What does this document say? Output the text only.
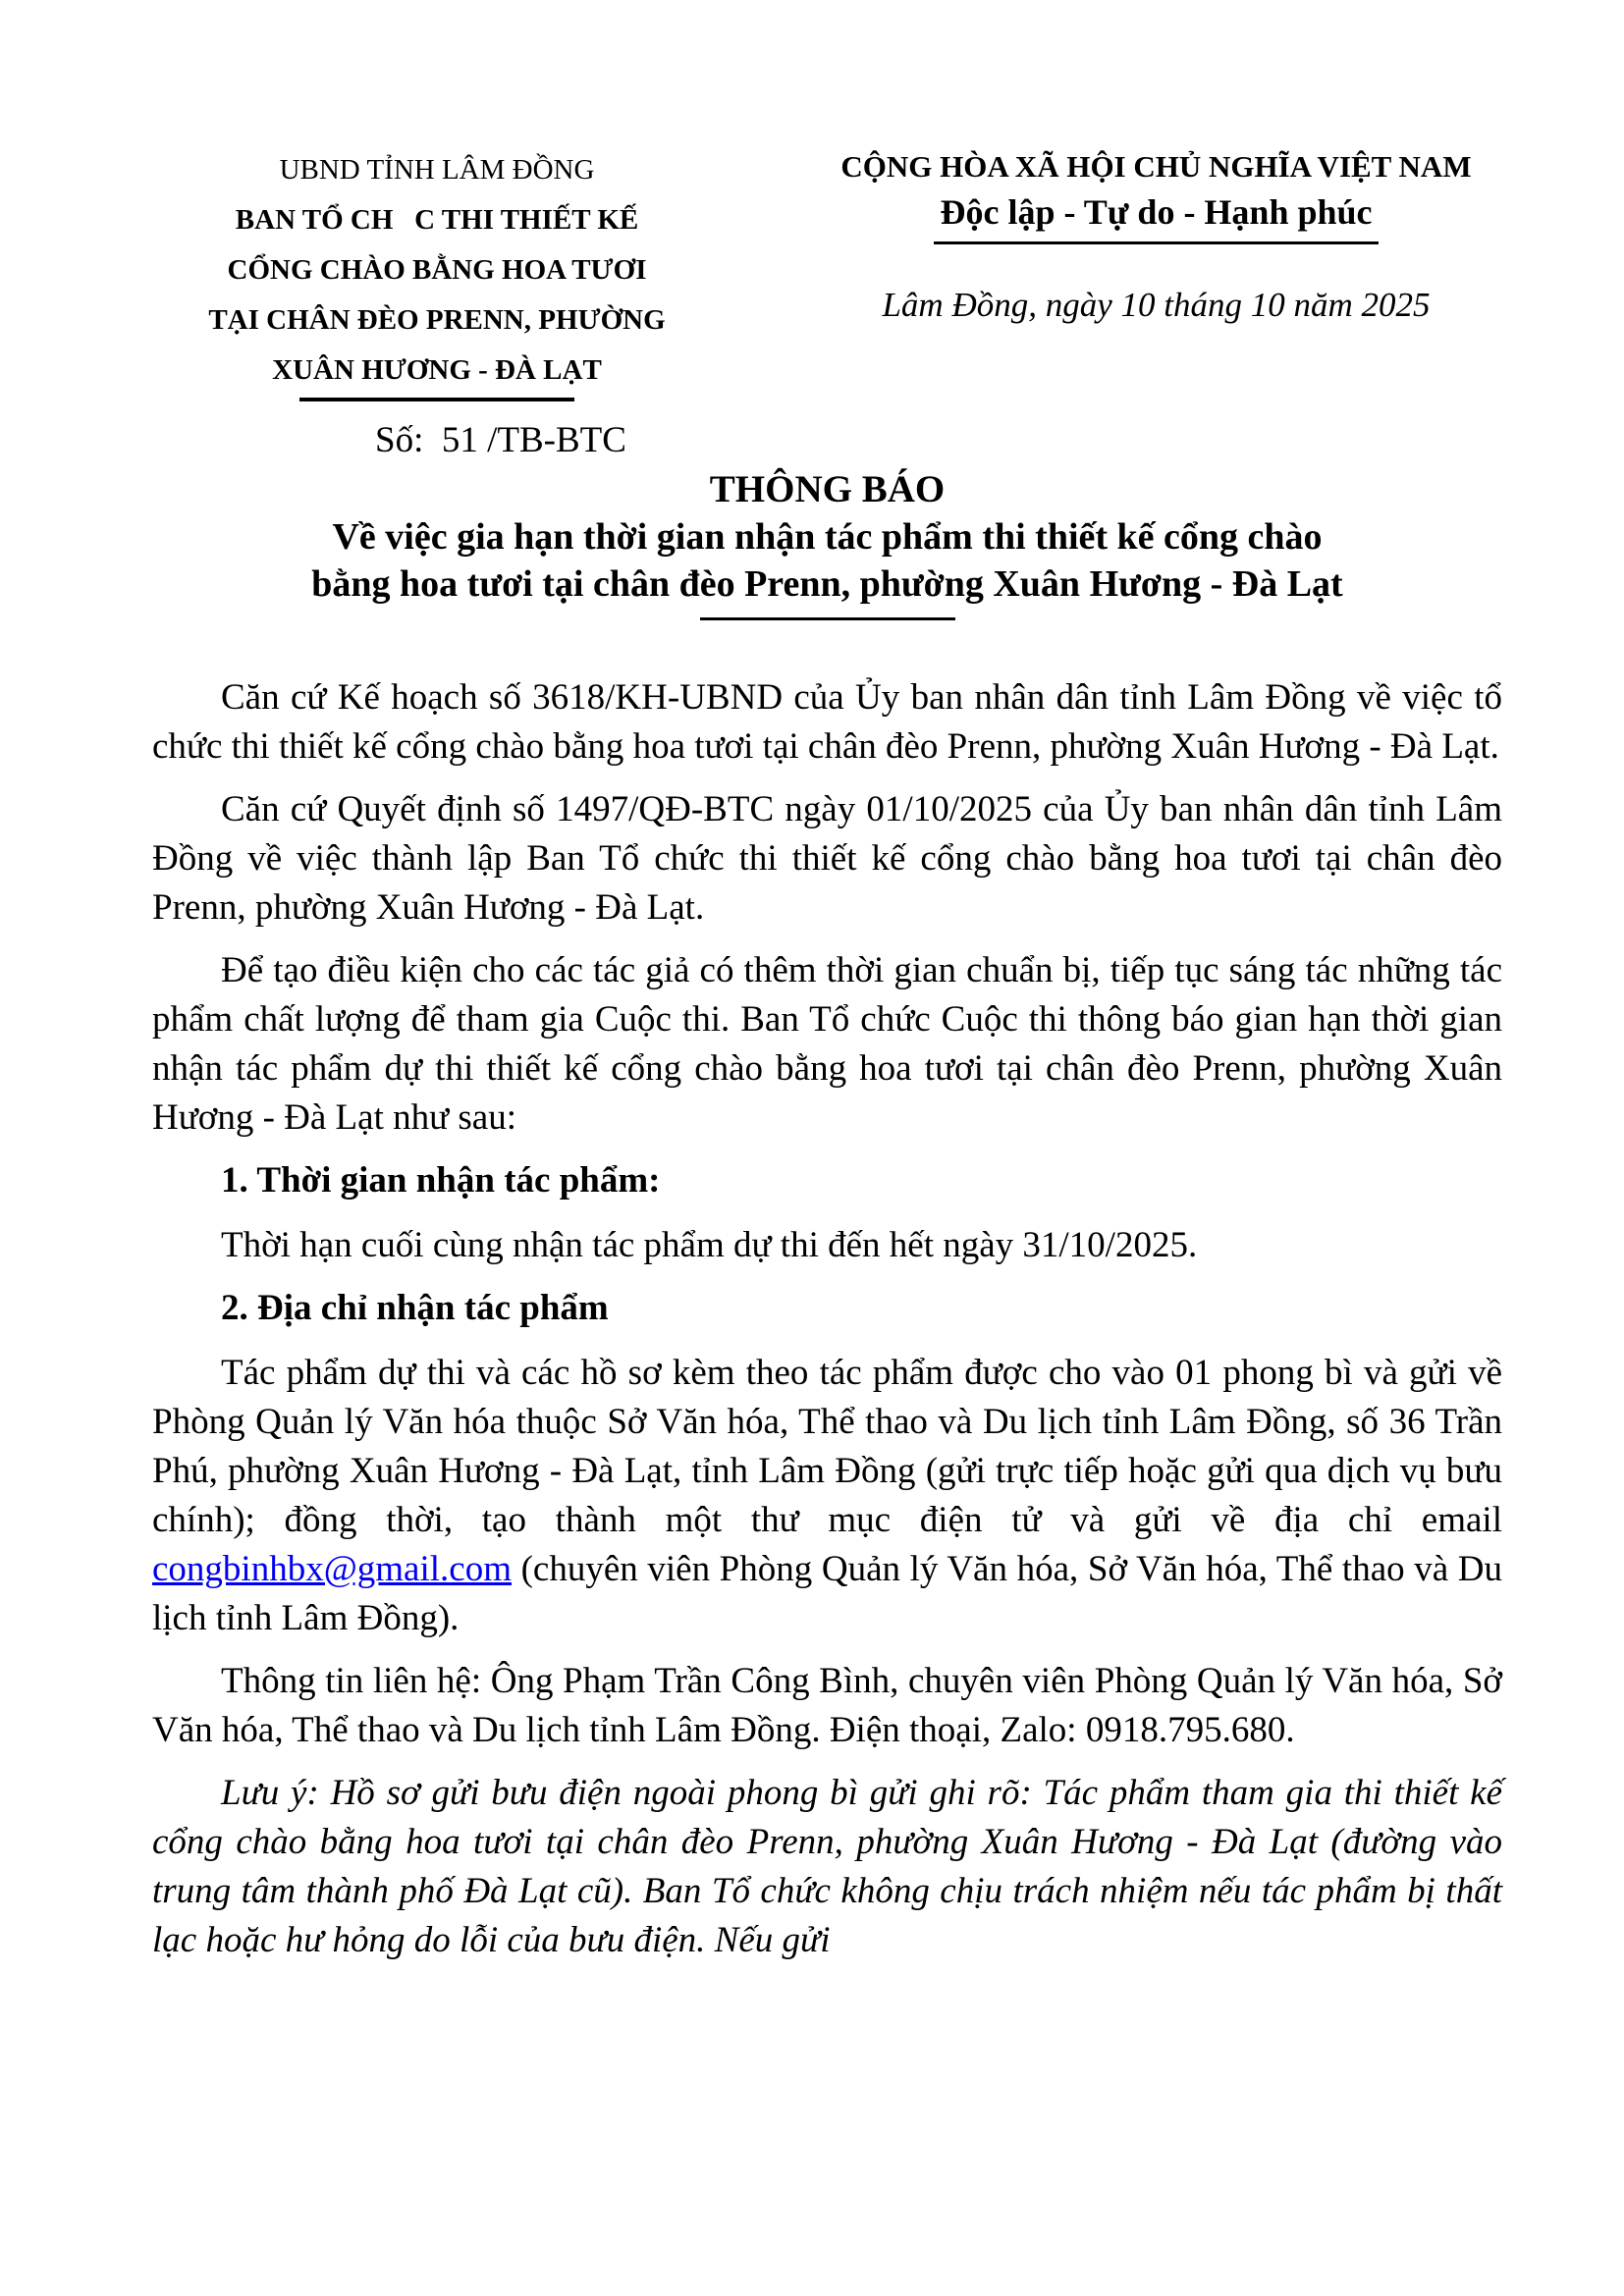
UBND TỈNH LÂM ĐỒNG
BAN TỔ CH   C THI THIẾT KẾ
CỔNG CHÀO BẰNG HOA TƯƠI
TẠI CHÂN ĐÈO PRENN, PHƯỜNG
XUÂN HƯƠNG - ĐÀ LẠT
Số:  51 /TB-BTC
CỘNG HÒA XÃ HỘI CHỦ NGHĨA VIỆT NAM
Độc lập - Tự do - Hạnh phúc
Lâm Đồng, ngày 10 tháng 10 năm 2025
THÔNG BÁO
Về việc gia hạn thời gian nhận tác phẩm thi thiết kế cổng chào
bằng hoa tươi tại chân đèo Prenn, phường Xuân Hương - Đà Lạt

Căn cứ Kế hoạch số 3618/KH-UBND của Ủy ban nhân dân tỉnh Lâm Đồng về việc tổ chức thi thiết kế cổng chào bằng hoa tươi tại chân đèo Prenn, phường Xuân Hương - Đà Lạt.

Căn cứ Quyết định số 1497/QĐ-BTC ngày 01/10/2025 của Ủy ban nhân dân tỉnh Lâm Đồng về việc thành lập Ban Tổ chức thi thiết kế cổng chào bằng hoa tươi tại chân đèo Prenn, phường Xuân Hương - Đà Lạt.

Để tạo điều kiện cho các tác giả có thêm thời gian chuẩn bị, tiếp tục sáng tác những tác phẩm chất lượng để tham gia Cuộc thi. Ban Tổ chức Cuộc thi thông báo gian hạn thời gian nhận tác phẩm dự thi thiết kế cổng chào bằng hoa tươi tại chân đèo Prenn, phường Xuân Hương - Đà Lạt như sau:

1. Thời gian nhận tác phẩm:

Thời hạn cuối cùng nhận tác phẩm dự thi đến hết ngày 31/10/2025.

2. Địa chỉ nhận tác phẩm

Tác phẩm dự thi và các hồ sơ kèm theo tác phẩm được cho vào 01 phong bì và gửi về Phòng Quản lý Văn hóa thuộc Sở Văn hóa, Thể thao và Du lịch tỉnh Lâm Đồng, số 36 Trần Phú, phường Xuân Hương - Đà Lạt, tỉnh Lâm Đồng (gửi trực tiếp hoặc gửi qua dịch vụ bưu chính); đồng thời, tạo thành một thư mục điện tử và gửi về địa chỉ email congbinhbx@gmail.com (chuyên viên Phòng Quản lý Văn hóa, Sở Văn hóa, Thể thao và Du lịch tỉnh Lâm Đồng).

Thông tin liên hệ: Ông Phạm Trần Công Bình, chuyên viên Phòng Quản lý Văn hóa, Sở Văn hóa, Thể thao và Du lịch tỉnh Lâm Đồng. Điện thoại, Zalo: 0918.795.680.

Lưu ý: Hồ sơ gửi bưu điện ngoài phong bì gửi ghi rõ: Tác phẩm tham gia thi thiết kế cổng chào bằng hoa tươi tại chân đèo Prenn, phường Xuân Hương - Đà Lạt (đường vào trung tâm thành phố Đà Lạt cũ). Ban Tổ chức không chịu trách nhiệm nếu tác phẩm bị thất lạc hoặc hư hỏng do lỗi của bưu điện. Nếu gửi
